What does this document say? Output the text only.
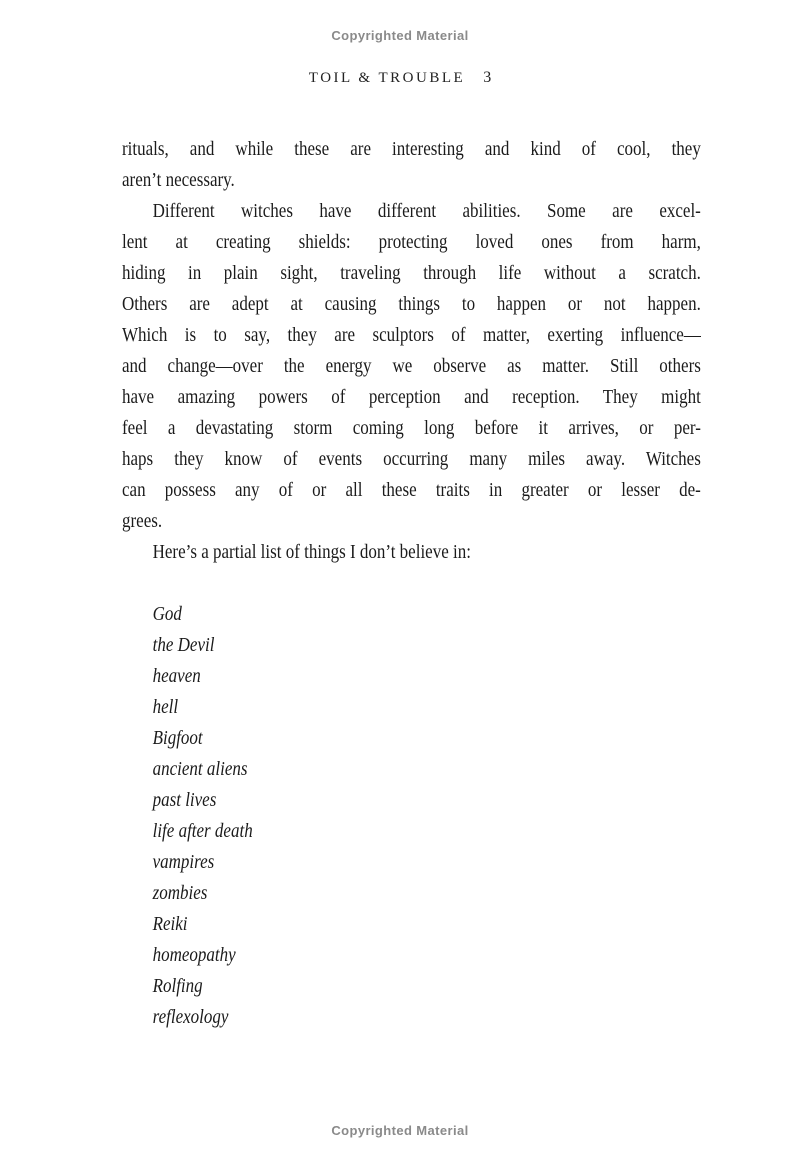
Copyrighted Material
TOIL & TROUBLE 3
rituals, and while these are interesting and kind of cool, they
aren’t necessary.
Different witches have different abilities. Some are excel-
lent at creating shields: protecting loved ones from harm,
hiding in plain sight, traveling through life without a scratch.
Others are adept at causing things to happen or not happen.
Which is to say, they are sculptors of matter, exerting influence—
and change—over the energy we observe as matter. Still others
have amazing powers of perception and reception. They might
feel a devastating storm coming long before it arrives, or per-
haps they know of events occurring many miles away. Witches
can possess any of or all these traits in greater or lesser de-
grees.
Here’s a partial list of things I don’t believe in:
God
the Devil
heaven
hell
Bigfoot
ancient aliens
past lives
life after death
vampires
zombies
Reiki
homeopathy
Rolfing
reflexology
Copyrighted Material
